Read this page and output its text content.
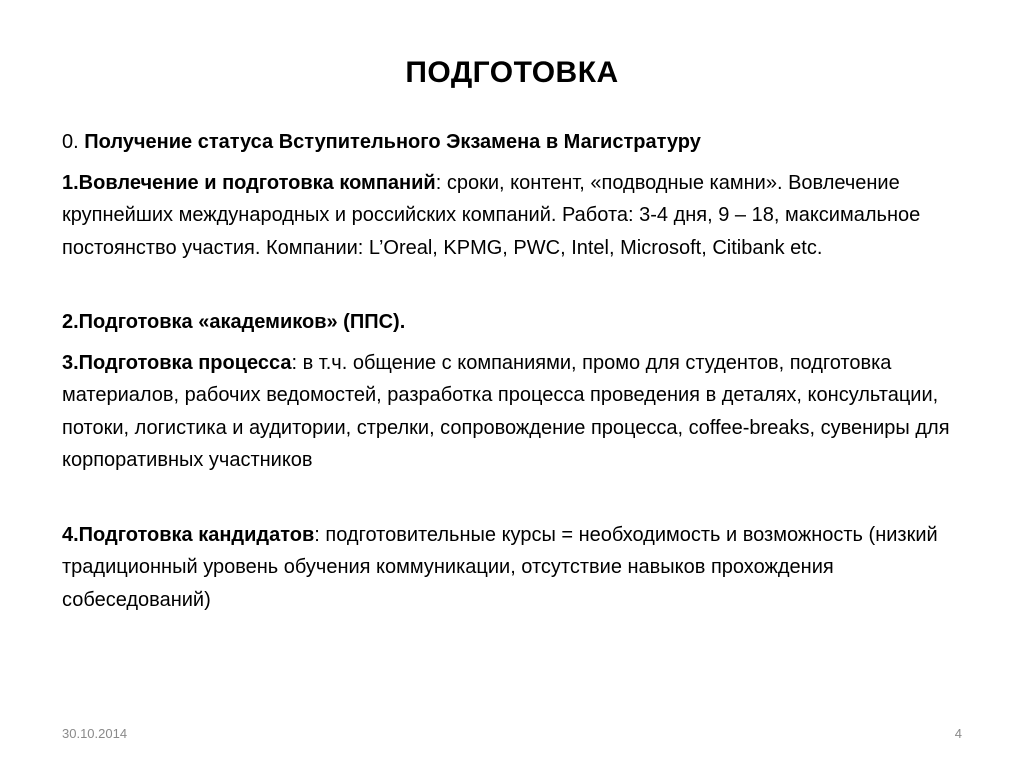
ПОДГОТОВКА

0. Получение статуса Вступительного Экзамена в Магистратуру

1.Вовлечение и подготовка компаний: сроки, контент, «подводные камни». Вовлечение крупнейших международных и российских компаний. Работа: 3-4 дня, 9 – 18, максимальное постоянство участия. Компании: L’Oreal, KPMG, PWC, Intel, Microsoft, Citibank etc.

2.Подготовка «академиков» (ППС).

3.Подготовка процесса: в т.ч. общение с компаниями, промо для студентов, подготовка материалов, рабочих ведомостей, разработка процесса проведения в деталях, консультации, потоки, логистика и аудитории, стрелки, сопровождение процесса, coffee-breaks, сувениры для корпоративных участников

4.Подготовка кандидатов: подготовительные курсы = необходимость и возможность (низкий традиционный уровень обучения коммуникации, отсутствие навыков прохождения собеседований)

30.10.2014	4
